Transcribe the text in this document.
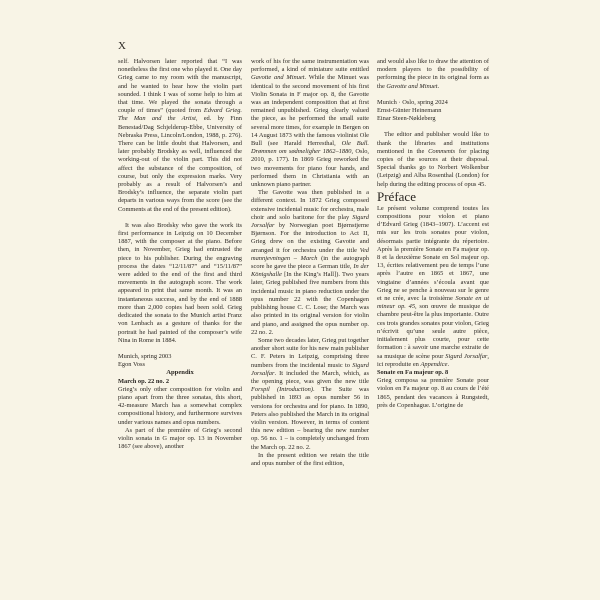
X

self. Halvorsen later reported that “I was nonetheless the first one who played it. One day Grieg came to my room with the manuscript, and he wanted to hear how the violin part sounded. I think I was of some help to him at that time. We played the sonata through a couple of times” (quoted from Edvard Grieg. The Man and the Artist, ed. by Finn Benestad/Dag Schjelderup-Ebbe, University of Nebraska Press, Lincoln/London, 1988, p. 276). There can be little doubt that Halvorsen, and later probably Brodsky as well, influenced the working-out of the violin part. This did not affect the substance of the composition, of course, but only the expression marks. Very probably as a result of Halvorsen’s and Brodsky’s influence, the separate violin part departs in various ways from the score (see the Comments at the end of the present edition).

It was also Brodsky who gave the work its first performance in Leipzig on 10 December 1887, with the composer at the piano. Before then, in November, Grieg had entrusted the piece to his publisher. During the engraving process the dates “12/11/87” and “15/11/87” were added to the end of the first and third movements in the autograph score. The work appeared in print that same month. It was an instantaneous success, and by the end of 1888 more than 2,000 copies had been sold. Grieg dedicated the sonata to the Munich artist Franz von Lenbach as a gesture of thanks for the portrait he had painted of the composer’s wife Nina in Rome in 1884.

Munich, spring 2003

Egon Voss

Appendix

March op. 22 no. 2

Grieg’s only other composition for violin and piano apart from the three sonatas, this short, 42-measure March has a somewhat complex compositional history, and furthermore survives under various names and opus numbers.

As part of the première of Grieg’s second violin sonata in G major op. 13 in November 1867 (see above), another

work of his for the same instrumentation was performed, a kind of miniature suite entitled Gavotte and Minuet. While the Minuet was identical to the second movement of his first Violin Sonata in F major op. 8, the Gavotte was an independent composition that at first remained unpublished. Grieg clearly valued the piece, as he performed the small suite several more times, for example in Bergen on 14 August 1873 with the famous violinist Ole Bull (see Harald Herresthal, Ole Bull. Drømmen om sødmeligher 1862–1880, Oslo, 2010, p. 177). In 1869 Grieg reworked the two movements for piano four hands, and performed them in Christiania with an unknown piano partner.

The Gavotte was then published in a different context. In 1872 Grieg composed extensive incidental music for orchestra, male choir and solo baritone for the play Sigurd Jorsalfar by Norwegian poet Bjørnstjerne Bjørnson. For the introduction to Act II, Grieg drew on the existing Gavotte and arranged it for orchestra under the title Ved mannjevningen – March (in the autograph score he gave the piece a German title, In der Königshalle [In the King’s Hall]). Two years later, Grieg published five numbers from this incidental music in piano reduction under the opus number 22 with the Copenhagen publishing house C. C. Lose; the March was also printed in its original version for violin and piano, and assigned the opus number op. 22 no. 2.

Some two decades later, Grieg put together another short suite for his new main publisher C. F. Peters in Leipzig, comprising three numbers from the incidental music to Sigurd Jorsalfar. It included the March, which, as the opening piece, was given the new title Forspil (Introduction). The Suite was published in 1893 as opus number 56 in versions for orchestra and for piano. In 1890, Peters also published the March in its original violin version. However, in terms of content this new edition – bearing the new number op. 56 no. 1 – is completely unchanged from the March op. 22 no. 2.

In the present edition we retain the title and opus number of the first edition,

and would also like to draw the attention of modern players to the possibility of performing the piece in its original form as the Gavotte and Minuet.

Munich · Oslo, spring 2024

Ernst-Günter Heinemann

Einar Steen-Nøkleberg

The editor and publisher would like to thank the libraries and institutions mentioned in the Comments for placing copies of the sources at their disposal. Special thanks go to Norbert Wolkenbur (Leipzig) and Alba Rosenthal (London) for help during the editing process of opus 45.

Préface

Le présent volume comprend toutes les compositions pour violon et piano d’Edvard Grieg (1843–1907). L’accent est mis sur les trois sonates pour violon, désormais partie intégrante du répertoire. Après la première Sonate en Fa majeur op. 8 et la deuxième Sonate en Sol majeur op. 13, écrites relativement peu de temps l’une après l’autre en 1865 et 1867, une vingtaine d’années s’écoula avant que Grieg ne se penche à nouveau sur le genre et ne crée, avec la troisième Sonate en ut mineur op. 45, son œuvre de musique de chambre peut-être la plus importante. Outre ces trois grandes sonates pour violon, Grieg n’écrivit qu’une seule autre pièce, initialement plus courte, pour cette formation : à savoir une marche extraite de sa musique de scène pour Sigurd Jorsalfar, ici reproduite en Appendice.

Sonate en Fa majeur op. 8

Grieg composa sa première Sonate pour violon en Fa majeur op. 8 au cours de l’été 1865, pendant des vacances à Rungstedt, près de Copenhague. L’origine de
